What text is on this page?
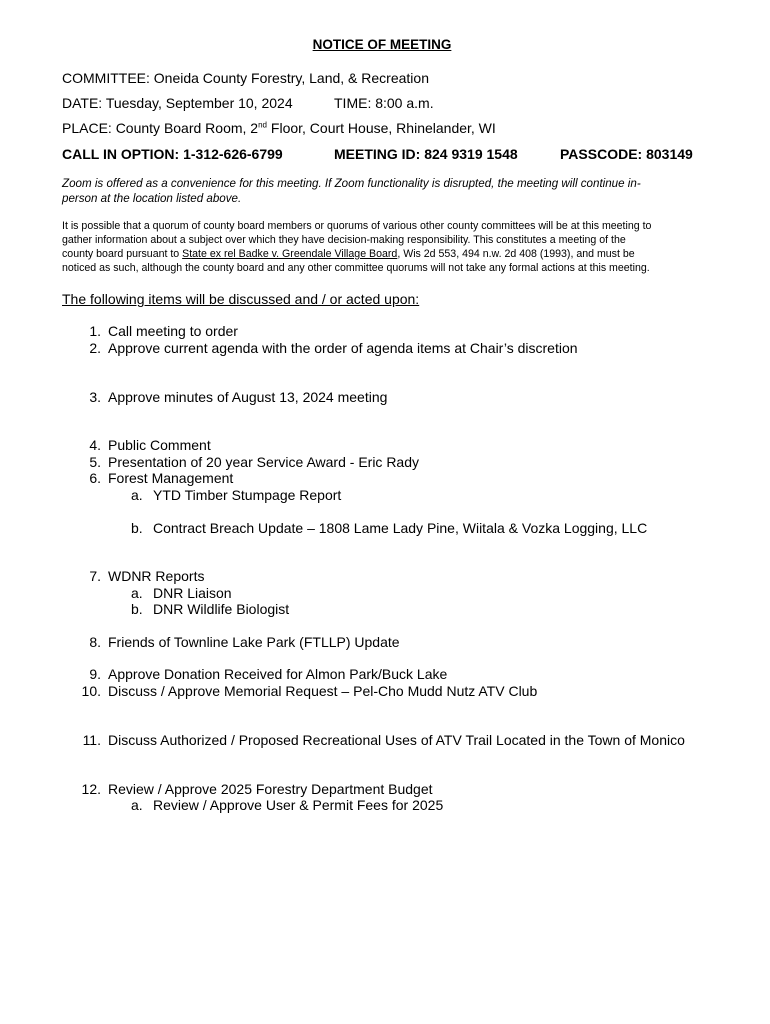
NOTICE OF MEETING
COMMITTEE: Oneida County Forestry, Land, & Recreation
DATE: Tuesday, September 10, 2024	TIME: 8:00 a.m.
PLACE: County Board Room, 2nd Floor, Court House, Rhinelander, WI
CALL IN OPTION: 1-312-626-6799	MEETING ID: 824 9319 1548	PASSCODE: 803149
Zoom is offered as a convenience for this meeting. If Zoom functionality is disrupted, the meeting will continue in-
person at the location listed above.
It is possible that a quorum of county board members or quorums of various other county committees will be at this meeting to
gather information about a subject over which they have decision-making responsibility. This constitutes a meeting of the
county board pursuant to State ex rel Badke v. Greendale Village Board, Wis 2d 553, 494 n.w. 2d 408 (1993), and must be
noticed as such, although the county board and any other committee quorums will not take any formal actions at this meeting.
The following items will be discussed and / or acted upon:
1. Call meeting to order
2. Approve current agenda with the order of agenda items at Chair’s discretion
3. Approve minutes of August 13, 2024 meeting
4. Public Comment
5. Presentation of 20 year Service Award - Eric Rady
6. Forest Management
a. YTD Timber Stumpage Report
b. Contract Breach Update – 1808 Lame Lady Pine, Wiitala & Vozka Logging, LLC
7. WDNR Reports
a. DNR Liaison
b. DNR Wildlife Biologist
8. Friends of Townline Lake Park (FTLLP) Update
9. Approve Donation Received for Almon Park/Buck Lake
10. Discuss / Approve Memorial Request – Pel-Cho Mudd Nutz ATV Club
11. Discuss Authorized / Proposed Recreational Uses of ATV Trail Located in the Town of Monico
12. Review / Approve 2025 Forestry Department Budget
a. Review / Approve User & Permit Fees for 2025
